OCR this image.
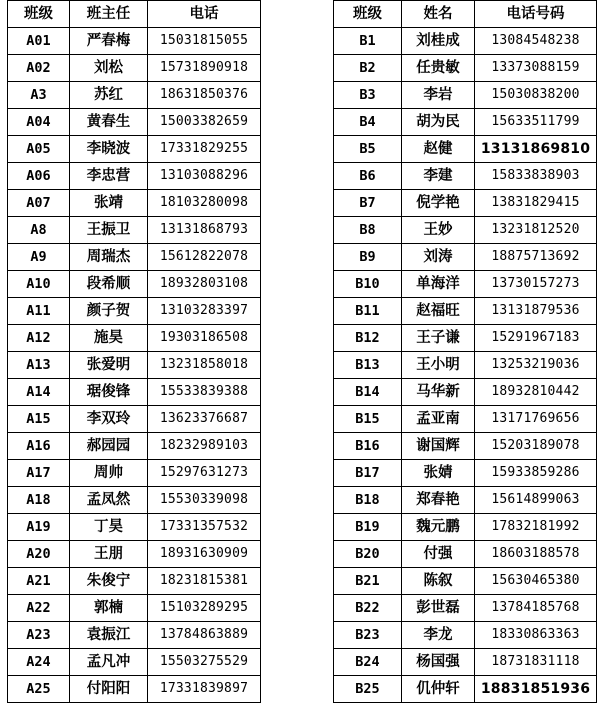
班级	班主任	电话
A01	严春梅	15031815055
A02	刘松	15731890918
A3	苏红	18631850376
A04	黄春生	15003382659
A05	李晓波	17331829255
A06	李忠营	13103088296
A07	张靖	18103280098
A8	王振卫	13131868793
A9	周瑞杰	15612822078
A10	段希顺	18932803108
A11	颜子贺	13103283397
A12	施昊	19303186508
A13	张爱明	13231858018
A14	琚俊锋	15533839388
A15	李双玲	13623376687
A16	郝园园	18232989103
A17	周帅	15297631273
A18	孟凤然	15530339098
A19	丁昊	17331357532
A20	王朋	18931630909
A21	朱俊宁	18231815381
A22	郭楠	15103289295
A23	袁振江	13784863889
A24	孟凡冲	15503275529
A25	付阳阳	17331839897
班级	姓名	电话号码
B1	刘桂成	13084548238
B2	任贵敏	13373088159
B3	李岩	15030838200
B4	胡为民	15633511799
B5	赵健	13131869810
B6	李建	15833838903
B7	倪学艳	13831829415
B8	王妙	13231812520
B9	刘涛	18875713692
B10	单海洋	13730157273
B11	赵福旺	13131879536
B12	王子谦	15291967183
B13	王小明	13253219036
B14	马华新	18932810442
B15	孟亚南	13171769656
B16	谢国辉	15203189078
B17	张婧	15933859286
B18	郑春艳	15614899063
B19	魏元鹏	17832181992
B20	付强	18603188578
B21	陈叙	15630465380
B22	彭世磊	13784185768
B23	李龙	18330863363
B24	杨国强	18731831118
B25	仉仲轩	18831851936
